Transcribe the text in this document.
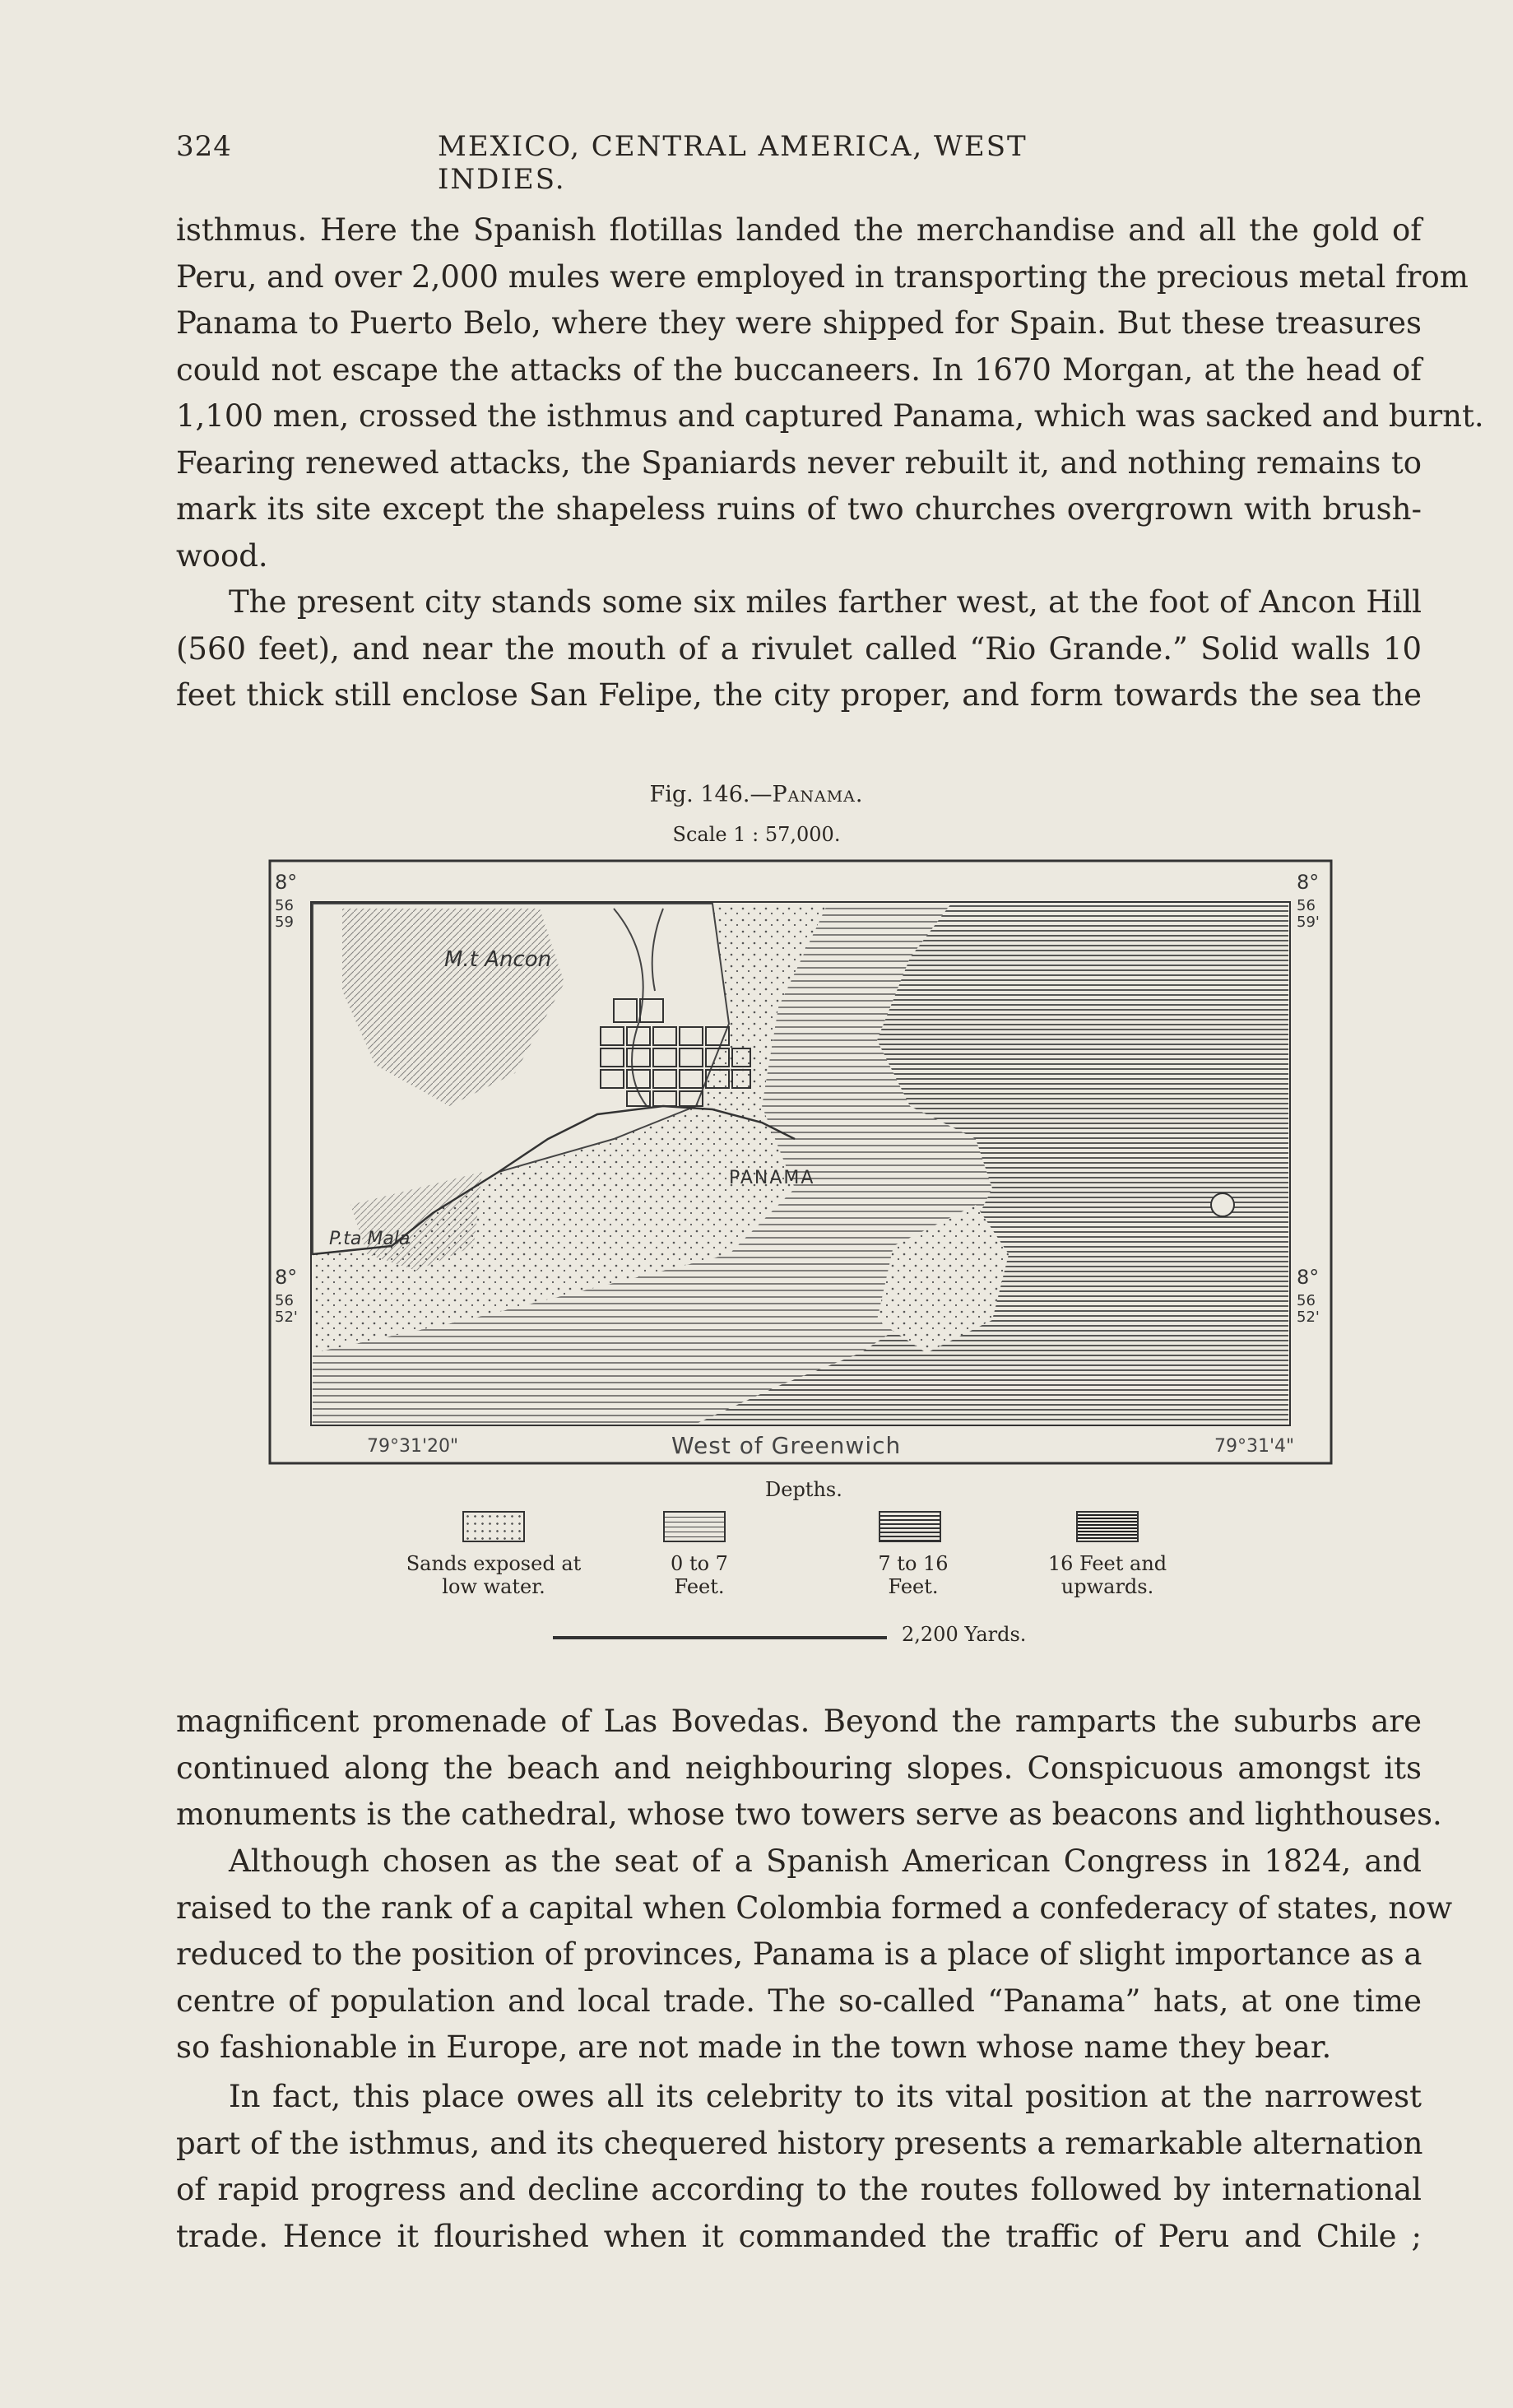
324	MEXICO, CENTRAL AMERICA, WEST INDIES.
isthmus. Here the Spanish flotillas landed the merchandise and all the gold of
Peru, and over 2,000 mules were employed in transporting the precious metal from
Panama to Puerto Belo, where they were shipped for Spain. But these treasures
could not escape the attacks of the buccaneers. In 1670 Morgan, at the head of
1,100 men, crossed the isthmus and captured Panama, which was sacked and burnt.
Fearing renewed attacks, the Spaniards never rebuilt it, and nothing remains to
mark its site except the shapeless ruins of two churches overgrown with brush-
wood.
The present city stands some six miles farther west, at the foot of Ancon Hill
(560 feet), and near the mouth of a rivulet called “Rio Grande.” Solid walls 10
feet thick still enclose San Felipe, the city proper, and form towards the sea the
Fig. 146.—Panama.
Scale 1 : 57,000.
M.t Ancon
PANAMA
P.ta Mala
8°
56
59
8°
56
52'
8°
56
59'
8°
56
52'
79°31'20"	West of Greenwich	79°31'4"
Depths.
Sands exposed at
low water.
0 to 7
Feet.
7 to 16
Feet.
16 Feet and
upwards.
2,200 Yards.
magnificent promenade of Las Bovedas. Beyond the ramparts the suburbs are
continued along the beach and neighbouring slopes. Conspicuous amongst its
monuments is the cathedral, whose two towers serve as beacons and lighthouses.
Although chosen as the seat of a Spanish American Congress in 1824, and
raised to the rank of a capital when Colombia formed a confederacy of states, now
reduced to the position of provinces, Panama is a place of slight importance as a
centre of population and local trade. The so-called “Panama” hats, at one time
so fashionable in Europe, are not made in the town whose name they bear.
In fact, this place owes all its celebrity to its vital position at the narrowest
part of the isthmus, and its chequered history presents a remarkable alternation
of rapid progress and decline according to the routes followed by international
trade. Hence it flourished when it commanded the traffic of Peru and Chile ;
